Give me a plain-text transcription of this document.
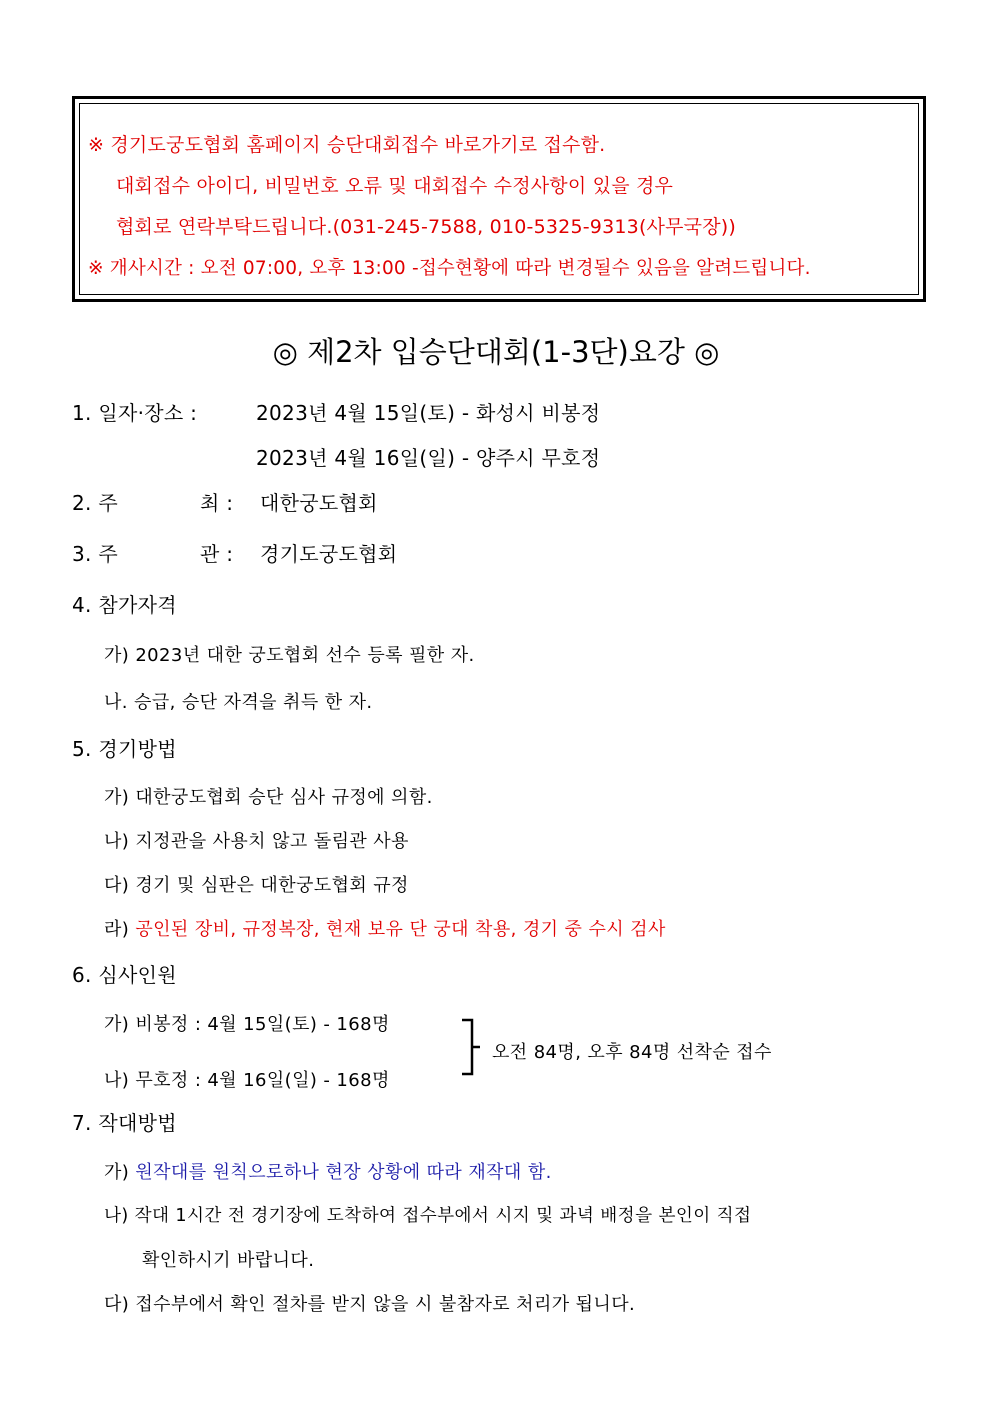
※ 경기도궁도협회 홈페이지 승단대회접수 바로가기로 접수함.
대회접수 아이디, 비밀번호 오류 및 대회접수 수정사항이 있을 경우
협회로 연락부탁드립니다.(031-245-7588, 010-5325-9313(사무국장))
※ 개사시간 : 오전 07:00, 오후 13:00 -접수현황에 따라 변경될수 있음을 알려드립니다.
◎ 제2차 입승단대회(1-3단)요강 ◎
1. 일자·장소 :	2023년 4월 15일(토) - 화성시 비봉정
2023년 4월 16일(일) - 양주시 무호정
2. 주	최 : 대한궁도협회
3. 주	관 : 경기도궁도협회
4. 참가자격
가) 2023년 대한 궁도협회 선수 등록 필한 자.
나. 승급, 승단 자격을 취득 한 자.
5. 경기방법
가) 대한궁도협회 승단 심사 규정에 의함.
나) 지정관을 사용치 않고 돌림관 사용
다) 경기 및 심판은 대한궁도협회 규정
라) 공인된 장비, 규정복장, 현재 보유 단 궁대 착용, 경기 중 수시 검사
6. 심사인원
가) 비봉정 : 4월 15일(토) - 168명
나) 무호정 : 4월 16일(일) - 168명
오전 84명, 오후 84명 선착순 접수
7. 작대방법
가) 원작대를 원칙으로하나 현장 상황에 따라 재작대 함.
나) 작대 1시간 전 경기장에 도착하여 접수부에서 시지 및 과녁 배정을 본인이 직접
확인하시기 바랍니다.
다) 접수부에서 확인 절차를 받지 않을 시 불참자로 처리가 됩니다.
